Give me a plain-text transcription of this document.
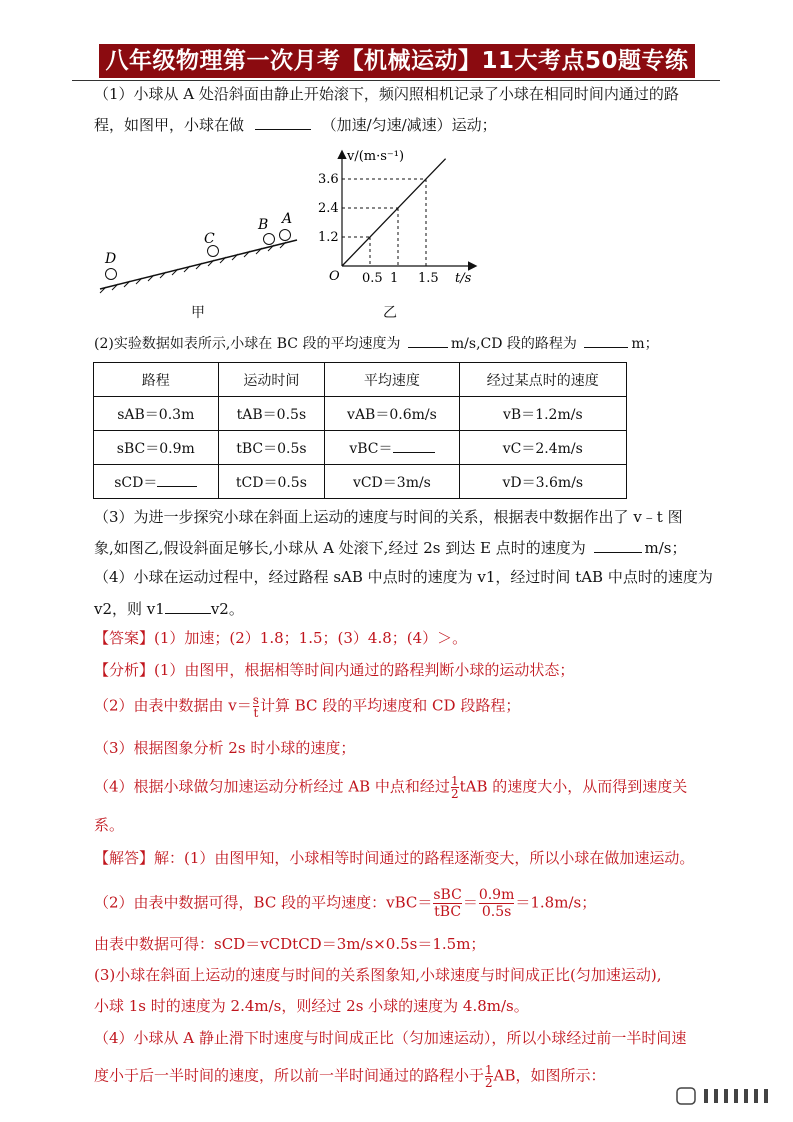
八年级物理第一次月考【机械运动】11大考点50题专练
（1）小球从 A 处沿斜面由静止开始滚下，频闪照相机记录了小球在相同时间内通过的路
程，如图甲，小球在做	（加速/匀速/减速）运动；
D
C
B A
甲
1.2
0.5
2.4
1
3.6
1.5
v/(m·s⁻¹)
t/s
O
乙
(2)实验数据如表所示,小球在 BC 段的平均速度为	m/s,CD 段的路程为	m；
路程	运动时间	平均速度	经过某点时的速度
sAB＝0.3m	tAB＝0.5s	vAB＝0.6m/s	vB＝1.2m/s
sBC＝0.9m	tBC＝0.5s	vBC＝	vC＝2.4m/s
sCD＝	tCD＝0.5s	vCD＝3m/s	vD＝3.6m/s
（3）为进一步探究小球在斜面上运动的速度与时间的关系，根据表中数据作出了 v﹣t 图
象,如图乙,假设斜面足够长,小球从 A 处滚下,经过 2s 到达 E 点时的速度为	m/s；
（4）小球在运动过程中，经过路程 sAB 中点时的速度为 v1，经过时间 tAB 中点时的速度为
v2，则 v1	v2。
【答案】(1）加速；(2）1.8；1.5；(3）4.8；(4）＞。
【分析】(1）由图甲，根据相等时间内通过的路程判断小球的运动状态；
（2）由表中数据由 $v= \frac{s}{t}$ 计算 BC 段的平均速度和 CD 段路程；
（3）根据图象分析 2s 时小球的速度；
（4）根据小球做匀加速运动分析经过 AB 中点和经过 $\frac{1}{2}$ tAB 的速度大小，从而得到速度关
系。
【解答】解：(1）由图甲知，小球相等时间通过的路程逐渐变大，所以小球在做加速运动。
（2）由表中数据可得，BC 段的平均速度：$vBC= \frac{\text{sBC}}{\text{tBC}} = \frac{0.9m}{0.5s} =1.8m/s$；
由表中数据可得：sCD＝vCDtCD＝3m/s×0.5s＝1.5m；
(3)小球在斜面上运动的速度与时间的关系图象知,小球速度与时间成正比(匀加速运动),
小球 1s 时的速度为 2.4m/s，则经过 2s 小球的速度为 4.8m/s。
（4）小球从 A 静止滑下时速度与时间成正比（匀加速运动），所以小球经过前一半时间速
度小于后一半时间的速度，所以前一半时间通过的路程小于 $\frac{1}{2}$ AB，如图所示：
